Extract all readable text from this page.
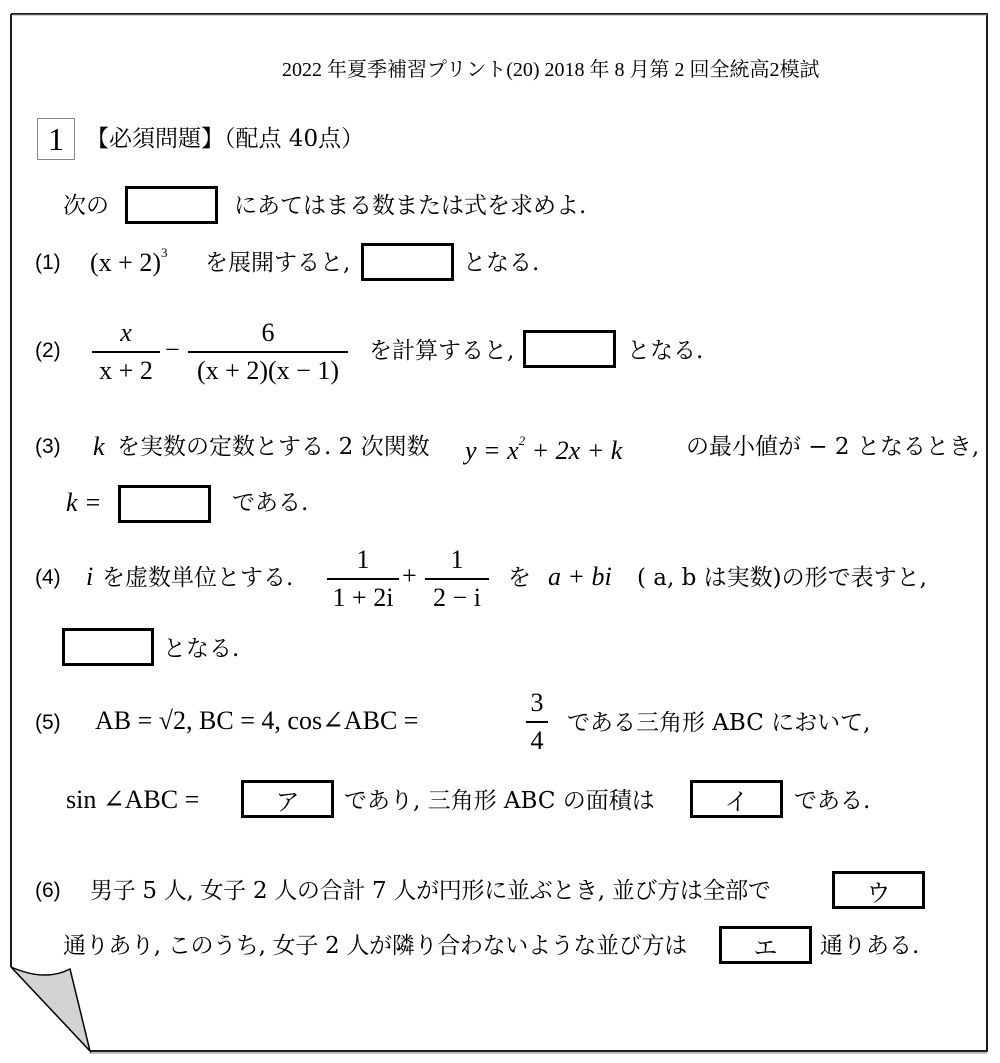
2022 年夏季補習プリント(20) 2018 年 8 月第 2 回全統高2模試
1 【必須問題】（配点 40点）
次の	にあてはまる数または式を求めよ.
(1) $(x + 2)^3$ を展開すると,	となる.
(2)
x
x + 2
−
6
(x + 2)(x − 1)
を計算すると,	となる.
(3) k を実数の定数とする. 2 次関数 $y = x^2 + 2x + k$	の最小値が − 2 となるとき,
k =	である.
(4) i を虚数単位とする.
1
1 + 2i
+
1
2 − i
を a + bi ( a, b は実数)の形で表すと,
となる.
(5) AB = √2, BC = 4, cos∠ABC =
3
4
である三角形 ABC において,
sin ∠ABC =	ア	であり, 三角形 ABC の面積は	イ	である.
(6) 男子 5 人, 女子 2 人の合計 7 人が円形に並ぶとき, 並び方は全部で	ウ
通りあり, このうち, 女子 2 人が隣り合わないような並び方は	エ	通りある.
